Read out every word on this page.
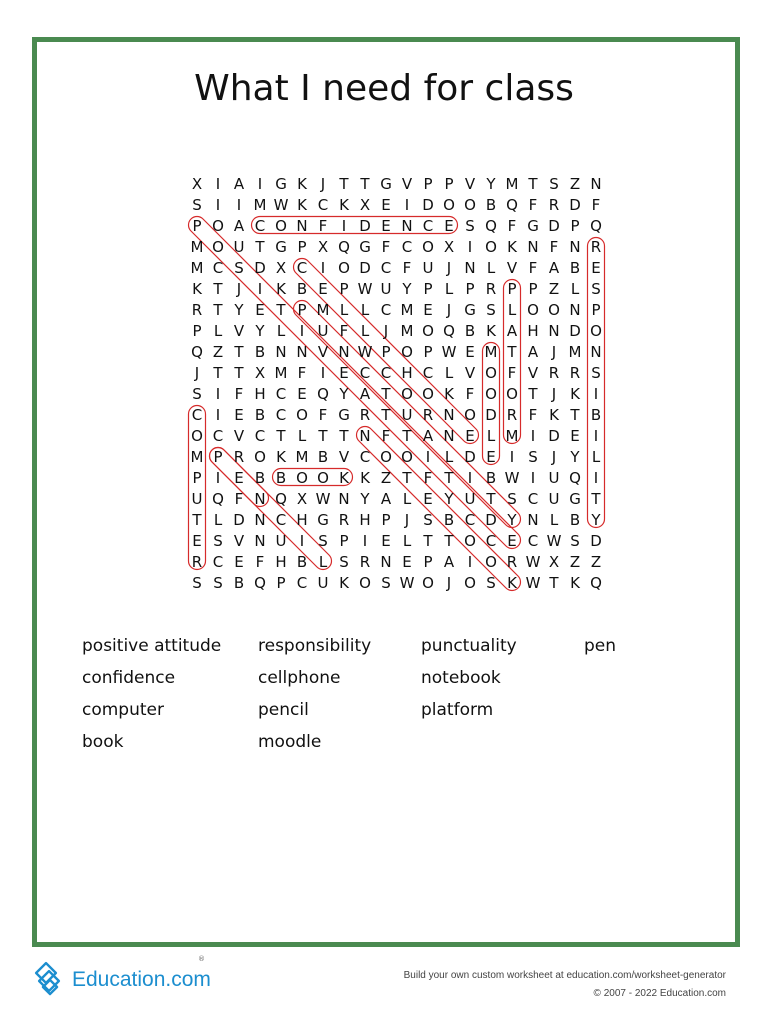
What I need for class
X I A I G K J T T G V P P V Y M T S Z N
S I I M W K C K X E I D O O B Q F R D F
P O A C O N F I D E N C E S Q F G D P Q
M O U T G P X Q G F C O X I O K N F N R
M C S D X C I O D C F U J N L V F A B E
K T J I K B E P W U Y P L P R P P Z L S
R T Y E T P M L L C M E J G S L O O N P
P L V Y L I U F L J M O Q B K A H N D O
Q Z T B N N V N W P O P W E M T A J M N
J T T X M F I E C C H C L V O F V R R S
S I F H C E Q Y A T O O K F O O T J K I
C I E B C O F G R T U R N O D R F K T B
O C V C T L T T N F T A N E L M I D E I
M P R O K M B V C O O I L D E I S J Y L
P I E B B O O K K Z T F T I B W I U Q I
U Q F N Q X W N Y A L E Y U T S C U G T
T L D N C H G R H P J S B C D Y N L B Y
E S V N U I S P I E L T T O C E C W S D
R C E F H B L S R N E P A I O R W X Z Z
S S B Q P C U K O S W O J O S K W T K Q
positive attitude
confidence
computer
book
responsibility
cellphone
pencil
moodle
punctuality
notebook
platform
pen
Education.com
®
Build your own custom worksheet at education.com/worksheet-generator
© 2007 - 2022 Education.com
